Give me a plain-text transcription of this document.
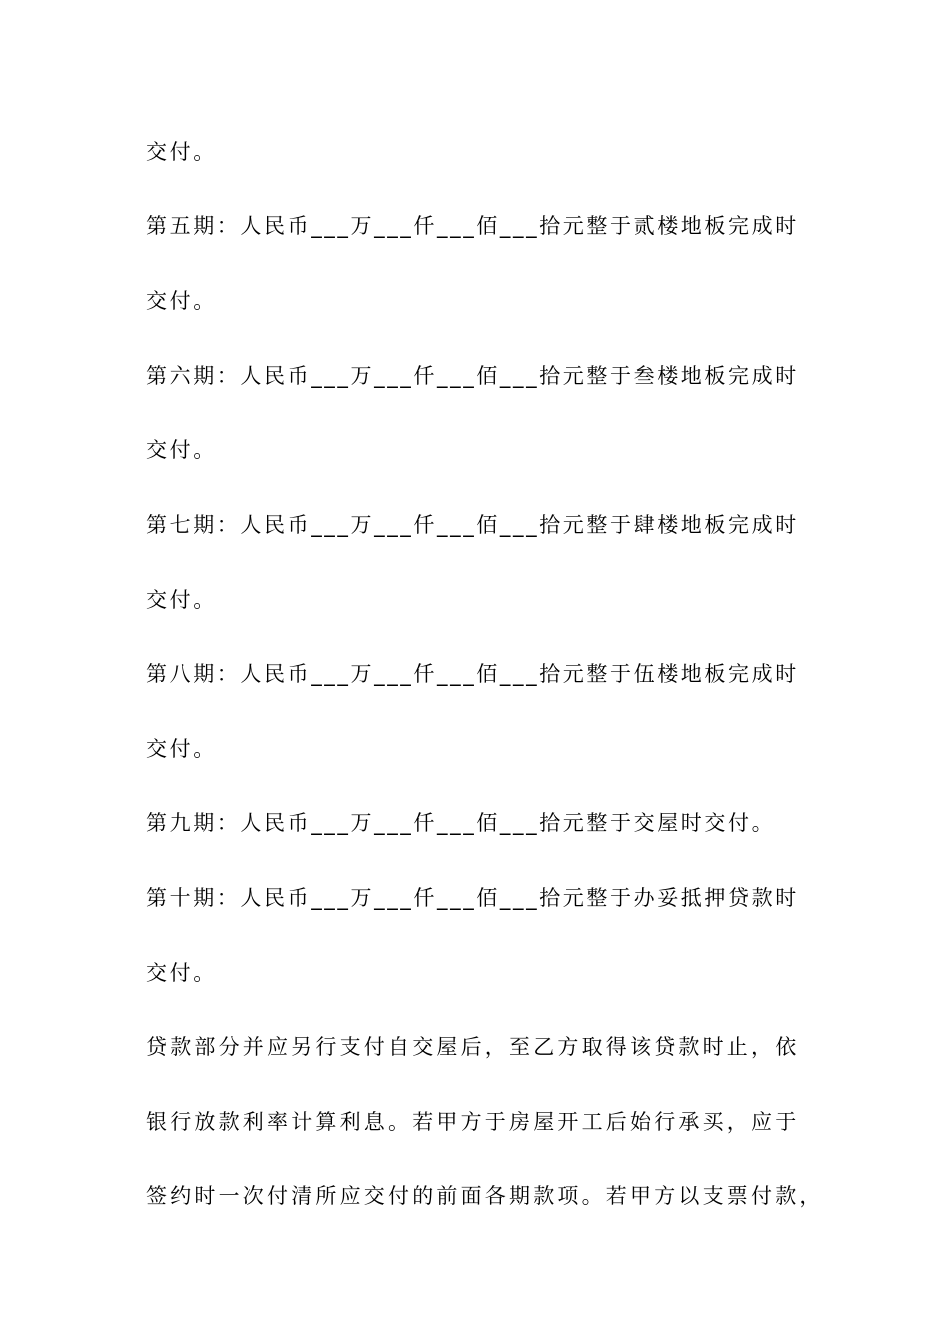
交付。
第五期：人民币___万___仟___佰___拾元整于贰楼地板完成时
交付。
第六期：人民币___万___仟___佰___拾元整于叁楼地板完成时
交付。
第七期：人民币___万___仟___佰___拾元整于肆楼地板完成时
交付。
第八期：人民币___万___仟___佰___拾元整于伍楼地板完成时
交付。
第九期：人民币___万___仟___佰___拾元整于交屋时交付。
第十期：人民币___万___仟___佰___拾元整于办妥抵押贷款时
交付。
贷款部分并应另行支付自交屋后，至乙方取得该贷款时止，依
银行放款利率计算利息。若甲方于房屋开工后始行承买，应于
签约时一次付清所应交付的前面各期款项。若甲方以支票付款，
